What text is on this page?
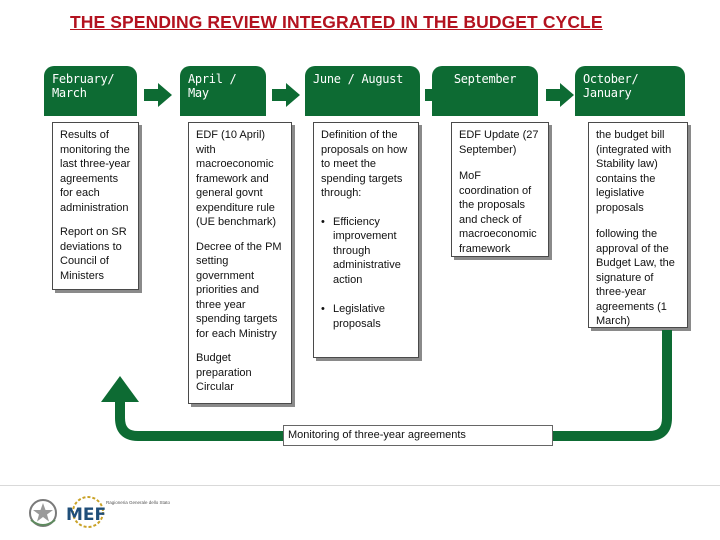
THE SPENDING REVIEW INTEGRATED IN THE BUDGET CYCLE
February/ March
Results of monitoring the last three-year agreements for each administration
Report on SR deviations to Council of Ministers
April / May
EDF (10 April) with macroeconomic framework and general govnt expenditure rule (UE benchmark)
Decree of the PM setting government priorities and three year spending targets for each Ministry
Budget preparation Circular
June / August
Definition of the proposals on how to meet the spending targets through:
• Efficiency improvement through administrative action
• Legislative proposals
September
EDF Update (27 September)
MoF coordination of the proposals and check of macroeconomic framework
October/ January
the budget bill (integrated with Stability law) contains the legislative proposals
following the approval of the Budget Law, the signature of three-year agreements (1 March)
Monitoring of three-year agreements
MEF
Ragioneria Generale dello Stato
